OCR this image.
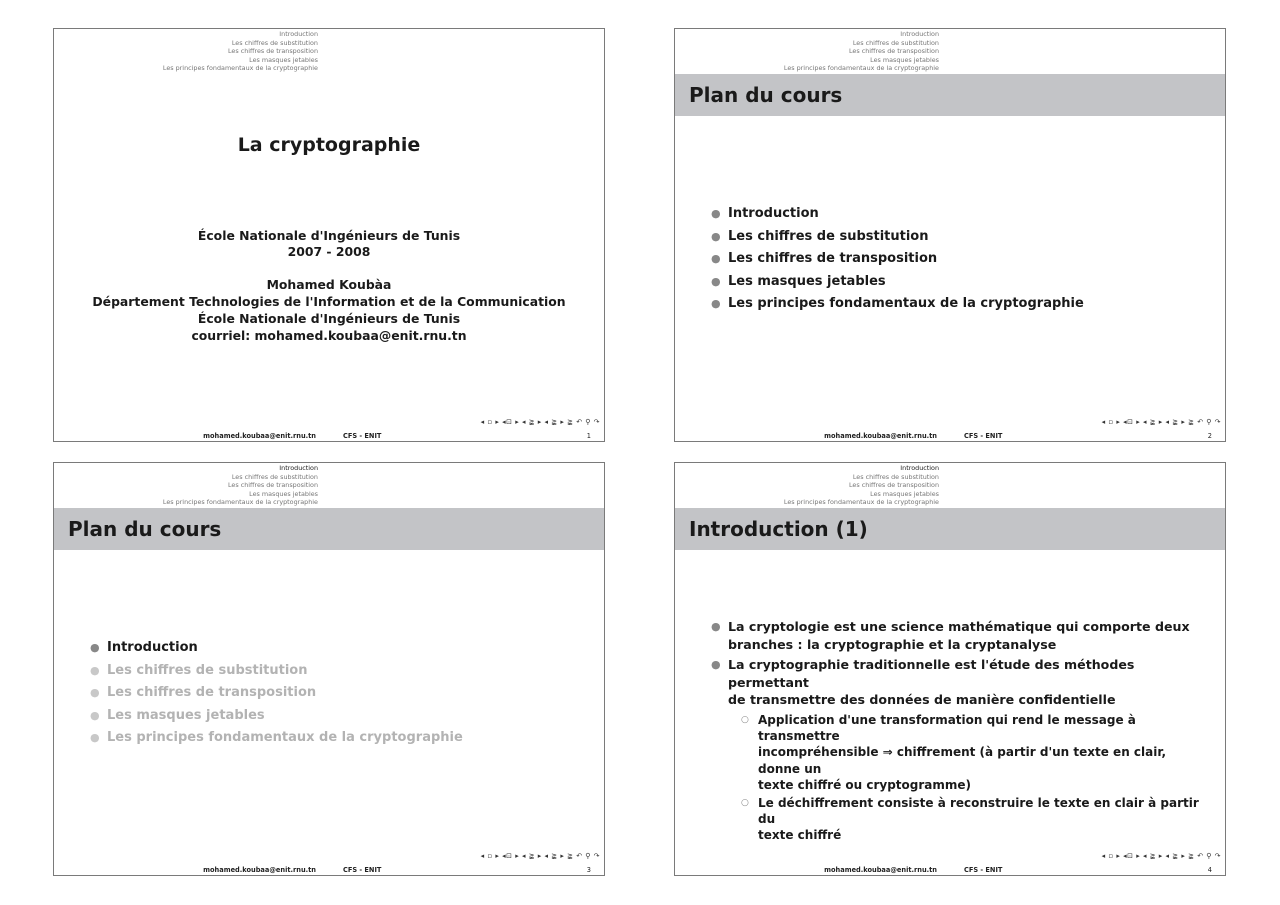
Introduction
Les chiffres de substitution
Les chiffres de transposition
Les masques jetables
Les principes fondamentaux de la cryptographie
La cryptographie
École Nationale d'Ingénieurs de Tunis
2007 - 2008
Mohamed Koubàa
Département Technologies de l'Information et de la Communication
École Nationale d'Ingénieurs de Tunis
courriel: mohamed.koubaa@enit.rnu.tn
◂ ▫ ▸ ◂⊡ ▸ ◂ ≩ ▸ ◂ ≩ ▸ ≩ ↶ ⚲ ↷
mohamed.koubaa@enit.rnu.tn	CFS - ENIT	1
Introduction
Les chiffres de substitution
Les chiffres de transposition
Les masques jetables
Les principes fondamentaux de la cryptographie
Plan du cours
● Introduction
● Les chiffres de substitution
● Les chiffres de transposition
● Les masques jetables
● Les principes fondamentaux de la cryptographie
◂ ▫ ▸ ◂⊡ ▸ ◂ ≩ ▸ ◂ ≩ ▸ ≩ ↶ ⚲ ↷
mohamed.koubaa@enit.rnu.tn	CFS - ENIT	2
Introduction
Les chiffres de substitution
Les chiffres de transposition
Les masques jetables
Les principes fondamentaux de la cryptographie
Plan du cours
● Introduction
● Les chiffres de substitution
● Les chiffres de transposition
● Les masques jetables
● Les principes fondamentaux de la cryptographie
◂ ▫ ▸ ◂⊡ ▸ ◂ ≩ ▸ ◂ ≩ ▸ ≩ ↶ ⚲ ↷
mohamed.koubaa@enit.rnu.tn	CFS - ENIT	3
Introduction
Les chiffres de substitution
Les chiffres de transposition
Les masques jetables
Les principes fondamentaux de la cryptographie
Introduction (1)
● La cryptologie est une science mathématique qui comporte deux
branches : la cryptographie et la cryptanalyse
● La cryptographie traditionnelle est l'étude des méthodes permettant
de transmettre des données de manière confidentielle
○ Application d'une transformation qui rend le message à transmettre
incompréhensible ⇒ chiffrement (à partir d'un texte en clair, donne un
texte chiffré ou cryptogramme)
○ Le déchiffrement consiste à reconstruire le texte en clair à partir du
texte chiffré
◂ ▫ ▸ ◂⊡ ▸ ◂ ≩ ▸ ◂ ≩ ▸ ≩ ↶ ⚲ ↷
mohamed.koubaa@enit.rnu.tn	CFS - ENIT	4
